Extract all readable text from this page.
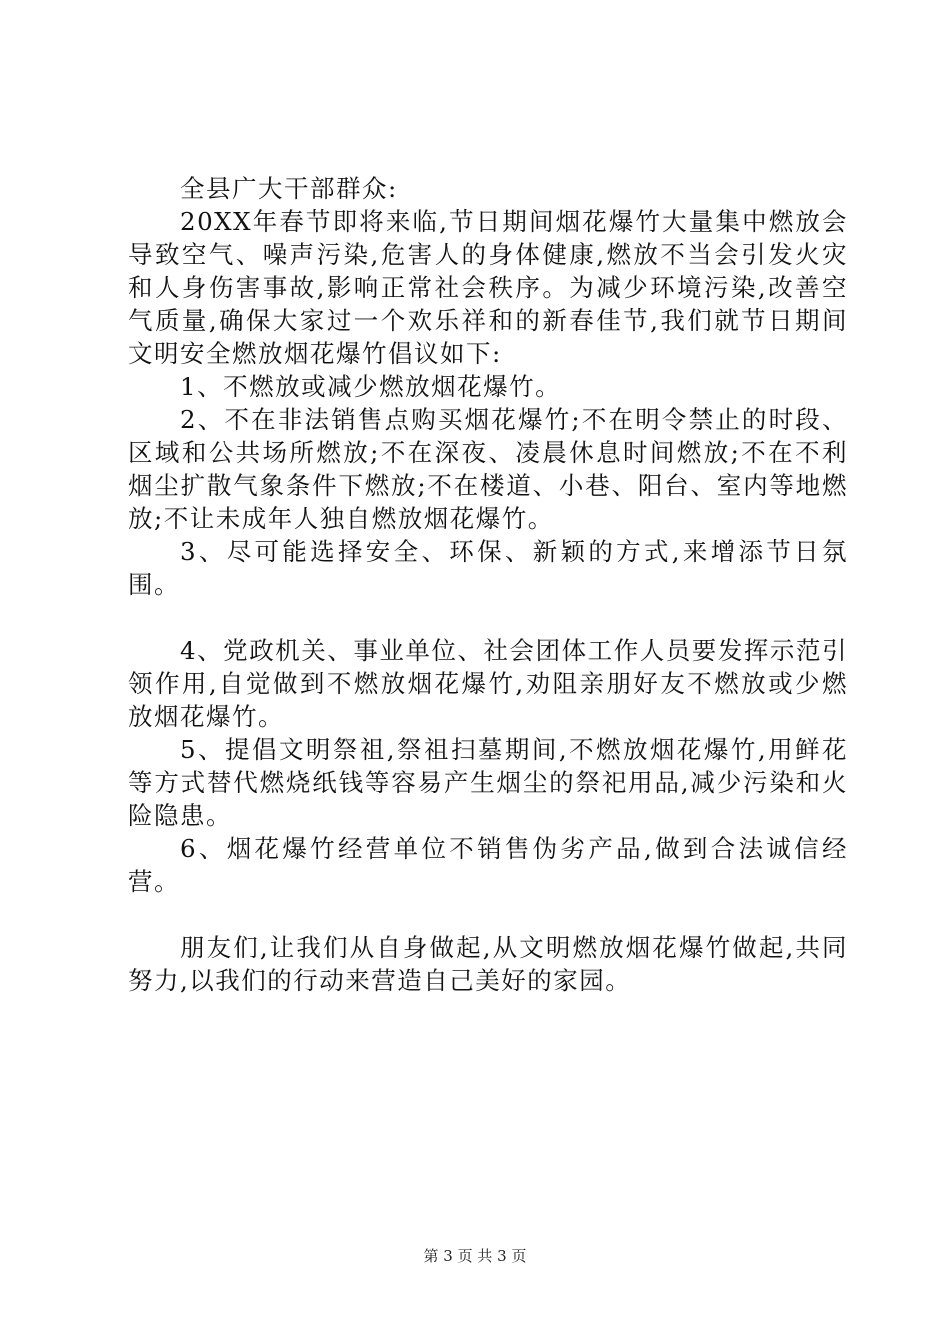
全县广大干部群众:

20XX年春节即将来临,节日期间烟花爆竹大量集中燃放会导致空气、噪声污染,危害人的身体健康,燃放不当会引发火灾和人身伤害事故,影响正常社会秩序。为减少环境污染,改善空气质量,确保大家过一个欢乐祥和的新春佳节,我们就节日期间文明安全燃放烟花爆竹倡议如下:

1、不燃放或减少燃放烟花爆竹。

2、不在非法销售点购买烟花爆竹;不在明令禁止的时段、区域和公共场所燃放;不在深夜、凌晨休息时间燃放;不在不利烟尘扩散气象条件下燃放;不在楼道、小巷、阳台、室内等地燃放;不让未成年人独自燃放烟花爆竹。

3、尽可能选择安全、环保、新颖的方式,来增添节日氛围。

4、党政机关、事业单位、社会团体工作人员要发挥示范引领作用,自觉做到不燃放烟花爆竹,劝阻亲朋好友不燃放或少燃放烟花爆竹。

5、提倡文明祭祖,祭祖扫墓期间,不燃放烟花爆竹,用鲜花等方式替代燃烧纸钱等容易产生烟尘的祭祀用品,减少污染和火险隐患。

6、烟花爆竹经营单位不销售伪劣产品,做到合法诚信经营。

朋友们,让我们从自身做起,从文明燃放烟花爆竹做起,共同努力,以我们的行动来营造自己美好的家园。

第 3 页 共 3 页
